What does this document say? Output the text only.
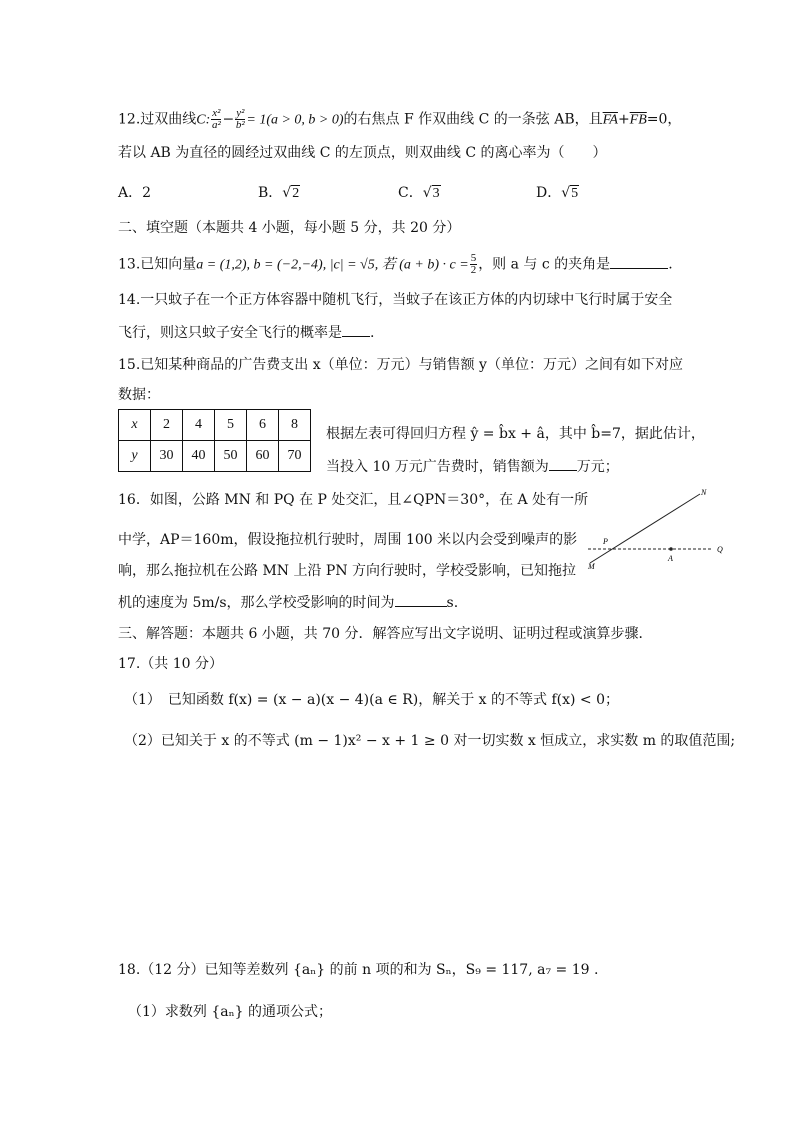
12.过双曲线C: $\frac{\text{x²}}{\text{a²}} - \frac{\text{y²}}{\text{b²}} = 1(a > 0$, b > 0)的右焦点 F 作双曲线 C 的一条弦 AB，且$\overline{FA}+\overline{FB}=0$，
若以 AB 为直径的圆经过双曲线 C 的左顶点，则双曲线 C 的离心率为（　　）
A．2	B．√2	C．√3	D．√5
二、填空题（本题共 4 小题，每小题 5 分，共 20 分）
13.已知向量a = (1,2), b = (−2,−4), |c| = √5, 若 $(a + b) \cdot c = \frac{5}{2}$ ，则 a 与 c 的夹角是	.
14.一只蚊子在一个正方体容器中随机飞行，当蚊子在该正方体的内切球中飞行时属于安全
飞行，则这只蚊子安全飞行的概率是 .
15.已知某种商品的广告费支出 x（单位：万元）与销售额 y（单位：万元）之间有如下对应
数据：
x	2	4	5	6	8
y	30	40	50	60	70
根据左表可得回归方程 ŷ = b̂x + â，其中 b̂=7，据此估计，
当投入 10 万元广告费时，销售额为 万元；
16．如图，公路 MN 和 PQ 在 P 处交汇，且∠QPN＝30°，在 A 处有一所
中学，AP＝160m，假设拖拉机行驶时，周围 100 米以内会受到噪声的影
响，那么拖拉机在公路 MN 上沿 PN 方向行驶时，学校受影响，已知拖拉
机的速度为 5m/s，那么学校受影响的时间为	s.
N
P
A
Q
M
三、解答题：本题共 6 小题，共 70 分．解答应写出文字说明、证明过程或演算步骤．
17.（共 10 分）
（1）　已知函数 f(x) = (x − a)(x − 4)(a ∈ R)，解关于 x 的不等式 f(x) < 0；
（2）已知关于 x 的不等式 (m − 1)x² − x + 1 ≥ 0 对一切实数 x 恒成立，求实数 m 的取值范围;
18.（12 分）已知等差数列 {aₙ} 的前 n 项的和为 Sₙ，S₉ = 117, a₇ = 19 .
（1）求数列 {aₙ} 的通项公式；
